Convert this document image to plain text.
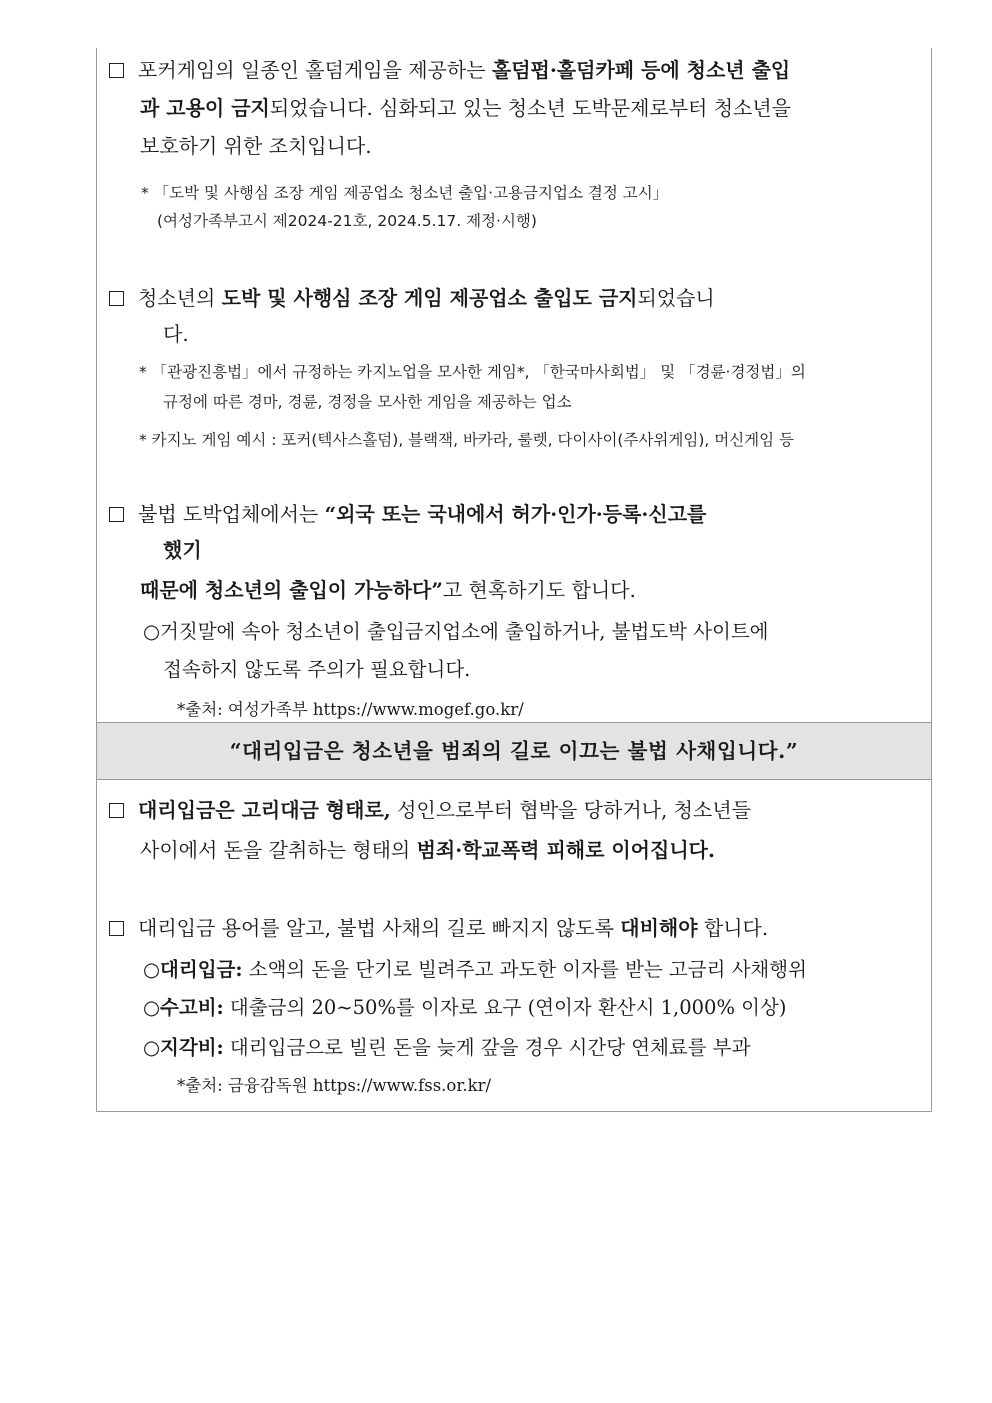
포커게임의 일종인 홀덤게임을 제공하는 홀덤펍·홀덤카페 등에 청소년 출입
과 고용이 금지되었습니다. 심화되고 있는 청소년 도박문제로부터 청소년을
보호하기 위한 조치입니다.
* 「도박 및 사행심 조장 게임 제공업소 청소년 출입·고용금지업소 결정 고시」
(여성가족부고시 제2024-21호, 2024.5.17. 제정·시행)
청소년의 도박 및 사행심 조장 게임 제공업소 출입도 금지되었습니
다.
* 「관광진흥법」에서 규정하는 카지노업을 모사한 게임*, 「한국마사회법」 및 「경륜·경정법」의
규정에 따른 경마, 경륜, 경정을 모사한 게임을 제공하는 업소
* 카지노 게임 예시 : 포커(텍사스홀덤), 블랙잭, 바카라, 룰렛, 다이사이(주사위게임), 머신게임 등
불법 도박업체에서는 “외국 또는 국내에서 허가·인가·등록·신고를
했기
때문에 청소년의 출입이 가능하다”고 현혹하기도 합니다.
○거짓말에 속아 청소년이 출입금지업소에 출입하거나, 불법도박 사이트에
접속하지 않도록 주의가 필요합니다.
*출처: 여성가족부 https://www.mogef.go.kr/
“대리입금은 청소년을 범죄의 길로 이끄는 불법 사채입니다.”
대리입금은 고리대금 형태로, 성인으로부터 협박을 당하거나, 청소년들
사이에서 돈을 갈취하는 형태의 범죄·학교폭력 피해로 이어집니다.
대리입금 용어를 알고, 불법 사채의 길로 빠지지 않도록 대비해야 합니다.
○대리입금: 소액의 돈을 단기로 빌려주고 과도한 이자를 받는 고금리 사채행위
○수고비: 대출금의 20~50%를 이자로 요구 (연이자 환산시 1,000% 이상)
○지각비: 대리입금으로 빌린 돈을 늦게 갚을 경우 시간당 연체료를 부과
*출처: 금융감독원 https://www.fss.or.kr/
